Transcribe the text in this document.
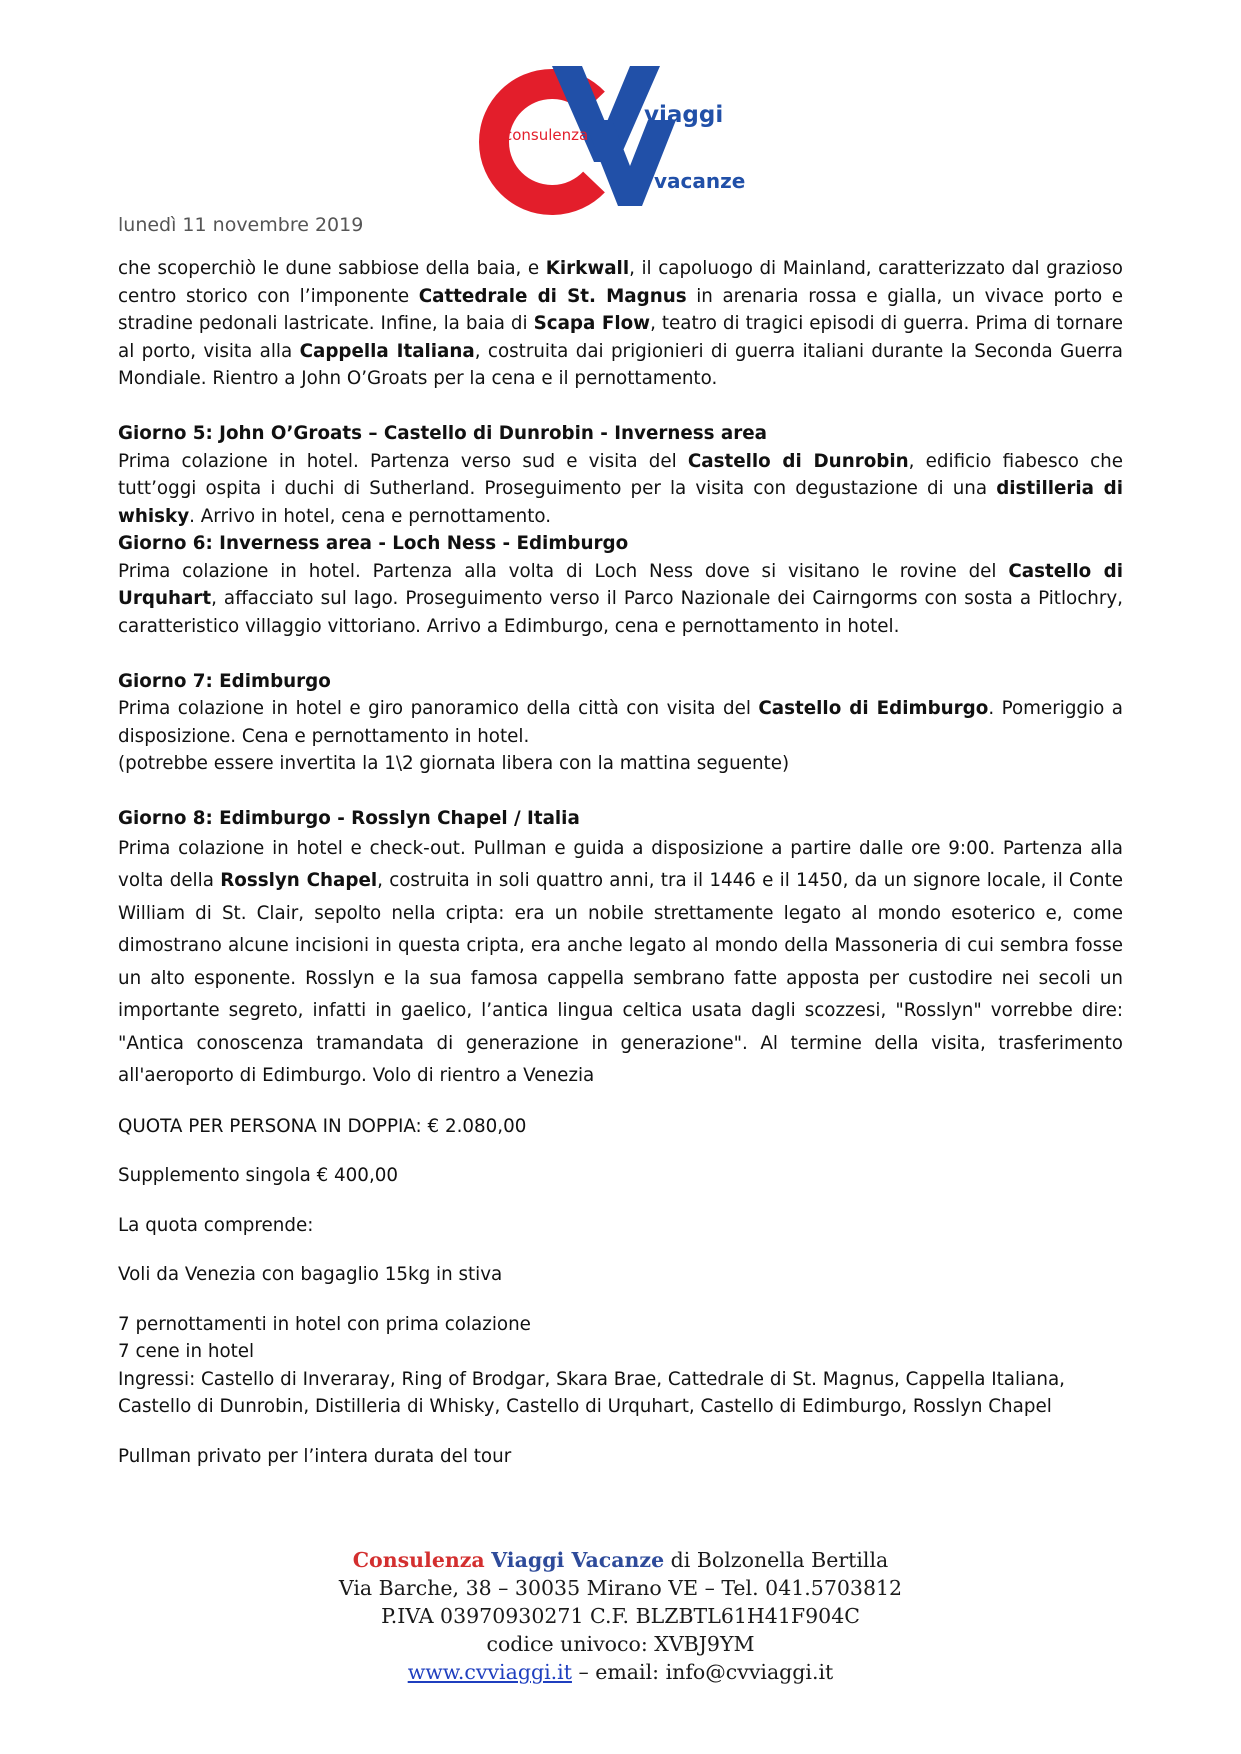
consulenza
viaggi
vacanze
lunedì 11 novembre 2019

che scoperchiò le dune sabbiose della baia, e Kirkwall, il capoluogo di Mainland, caratterizzato dal grazioso centro storico con l’imponente Cattedrale di St. Magnus in arenaria rossa e gialla, un vivace porto e stradine pedonali lastricate. Infine, la baia di Scapa Flow, teatro di tragici episodi di guerra. Prima di tornare al porto, visita alla Cappella Italiana, costruita dai prigionieri di guerra italiani durante la Seconda Guerra Mondiale. Rientro a John O’Groats per la cena e il pernottamento.

Giorno 5: John O’Groats – Castello di Dunrobin - Inverness area

Prima colazione in hotel. Partenza verso sud e visita del Castello di Dunrobin, edificio fiabesco che tutt’oggi ospita i duchi di Sutherland. Proseguimento per la visita con degustazione di una distilleria di whisky. Arrivo in hotel, cena e pernottamento.

Giorno 6: Inverness area - Loch Ness - Edimburgo

Prima colazione in hotel. Partenza alla volta di Loch Ness dove si visitano le rovine del Castello di Urquhart, affacciato sul lago. Proseguimento verso il Parco Nazionale dei Cairngorms con sosta a Pitlochry, caratteristico villaggio vittoriano. Arrivo a Edimburgo, cena e pernottamento in hotel.

Giorno 7: Edimburgo

Prima colazione in hotel e giro panoramico della città con visita del Castello di Edimburgo. Pomeriggio a disposizione. Cena e pernottamento in hotel.

(potrebbe essere invertita la 1\2 giornata libera con la mattina seguente)

Giorno 8: Edimburgo - Rosslyn Chapel / Italia

Prima colazione in hotel e check-out. Pullman e guida a disposizione a partire dalle ore 9:00. Partenza alla volta della Rosslyn Chapel, costruita in soli quattro anni, tra il 1446 e il 1450, da un signore locale, il Conte William di St. Clair, sepolto nella cripta: era un nobile strettamente legato al mondo esoterico e, come dimostrano alcune incisioni in questa cripta, era anche legato al mondo della Massoneria di cui sembra fosse un alto esponente. Rosslyn e la sua famosa cappella sembrano fatte apposta per custodire nei secoli un importante segreto, infatti in gaelico, l’antica lingua celtica usata dagli scozzesi, "Rosslyn" vorrebbe dire: "Antica conoscenza tramandata di generazione in generazione". Al termine della visita, trasferimento all'aeroporto di Edimburgo. Volo di rientro a Venezia

QUOTA PER PERSONA IN DOPPIA: € 2.080,00

Supplemento singola € 400,00

La quota comprende:

Voli da Venezia con bagaglio 15kg in stiva

7 pernottamenti in hotel con prima colazione

7 cene in hotel

Ingressi: Castello di Inveraray, Ring of Brodgar, Skara Brae, Cattedrale di St. Magnus, Cappella Italiana, Castello di Dunrobin, Distilleria di Whisky, Castello di Urquhart, Castello di Edimburgo, Rosslyn Chapel

Pullman privato per l’intera durata del tour

Consulenza Viaggi Vacanze di Bolzonella Bertilla

Via Barche, 38 – 30035 Mirano VE – Tel. 041.5703812

P.IVA 03970930271 C.F. BLZBTL61H41F904C

codice univoco: XVBJ9YM

www.cvviaggi.it – email: info@cvviaggi.it
